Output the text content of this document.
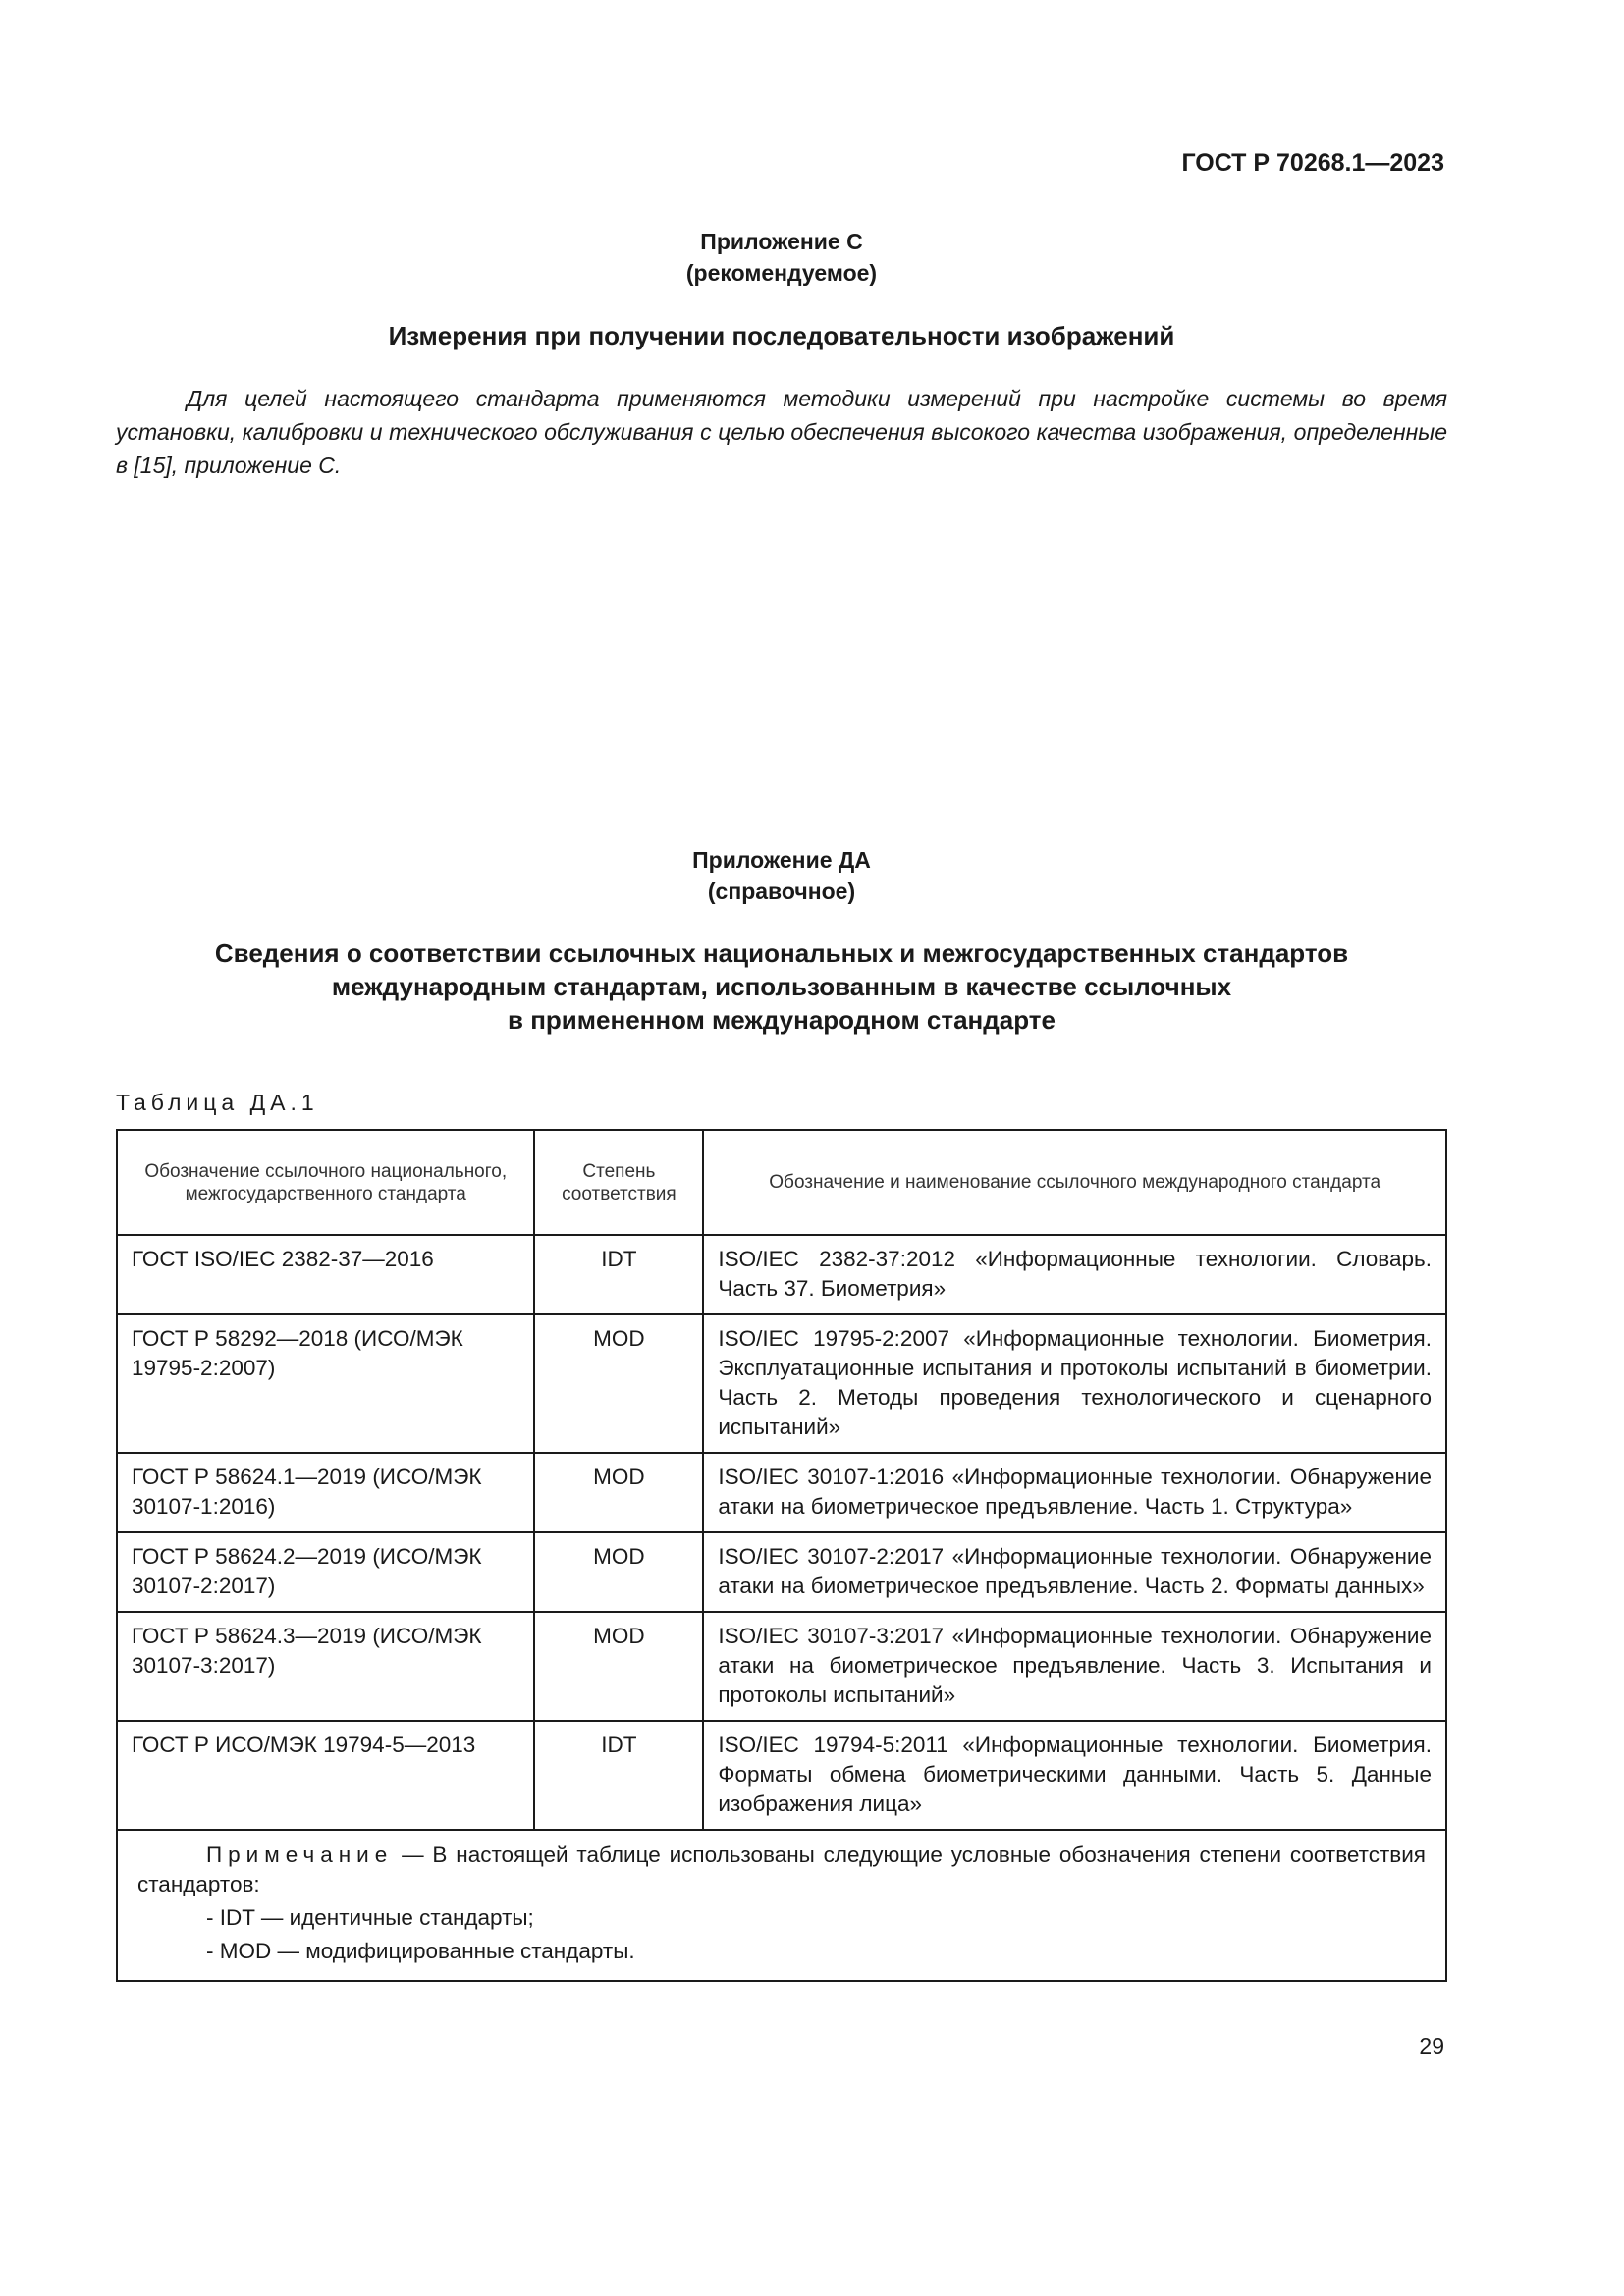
ГОСТ Р 70268.1—2023
Приложение С
(рекомендуемое)
Измерения при получении последовательности изображений
Для целей настоящего стандарта применяются методики измерений при настройке системы во время установки, калибровки и технического обслуживания с целью обеспечения высокого качества изображения, определенные в [15], приложение С.
Приложение ДА
(справочное)
Сведения о соответствии ссылочных национальных и межгосударственных стандартов
международным стандартам, использованным в качестве ссылочных
в примененном международном стандарте
Таблица ДА.1
Обозначение ссылочного национального, межгосударственного стандарта	Степень соответствия	Обозначение и наименование ссылочного международного стандарта
ГОСТ ISO/IEC 2382-37—2016	IDT	ISO/IEC 2382-37:2012 «Информационные технологии. Словарь. Часть 37. Биометрия»
ГОСТ Р 58292—2018 (ИСО/МЭК 19795-2:2007)	MOD	ISO/IEC 19795-2:2007 «Информационные технологии. Биометрия. Эксплуатационные испытания и протоколы испытаний в биометрии. Часть 2. Методы проведения технологического и сценарного испытаний»
ГОСТ Р 58624.1—2019 (ИСО/МЭК 30107-1:2016)	MOD	ISO/IEC 30107-1:2016 «Информационные технологии. Обнаружение атаки на биометрическое предъявление. Часть 1. Структура»
ГОСТ Р 58624.2—2019 (ИСО/МЭК 30107-2:2017)	MOD	ISO/IEC 30107-2:2017 «Информационные технологии. Обнаружение атаки на биометрическое предъявление. Часть 2. Форматы данных»
ГОСТ Р 58624.3—2019 (ИСО/МЭК 30107-3:2017)	MOD	ISO/IEC 30107-3:2017 «Информационные технологии. Обнаружение атаки на биометрическое предъявление. Часть 3. Испытания и протоколы испытаний»
ГОСТ Р ИСО/МЭК 19794-5—2013	IDT	ISO/IEC 19794-5:2011 «Информационные технологии. Биометрия. Форматы обмена биометрическими данными. Часть 5. Данные изображения лица»
Примечание — В настоящей таблице использованы следующие условные обозначения степени соответствия стандартов:
- IDT — идентичные стандарты;
- MOD — модифицированные стандарты.		
29
